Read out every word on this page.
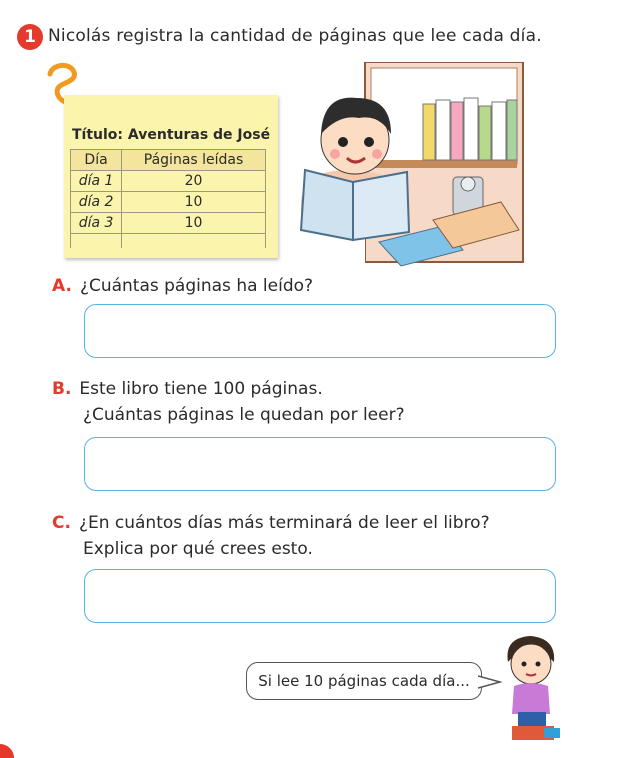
1 Nicolás registra la cantidad de páginas que lee cada día.
Título: Aventuras de José
Día	Páginas leídas
día 1	20
día 2	10
día 3	10

A. ¿Cuántas páginas ha leído?
B. Este libro tiene 100 páginas.
¿Cuántas páginas le quedan por leer?
C. ¿En cuántos días más terminará de leer el libro?
Explica por qué crees esto.
Si lee 10 páginas cada día...
